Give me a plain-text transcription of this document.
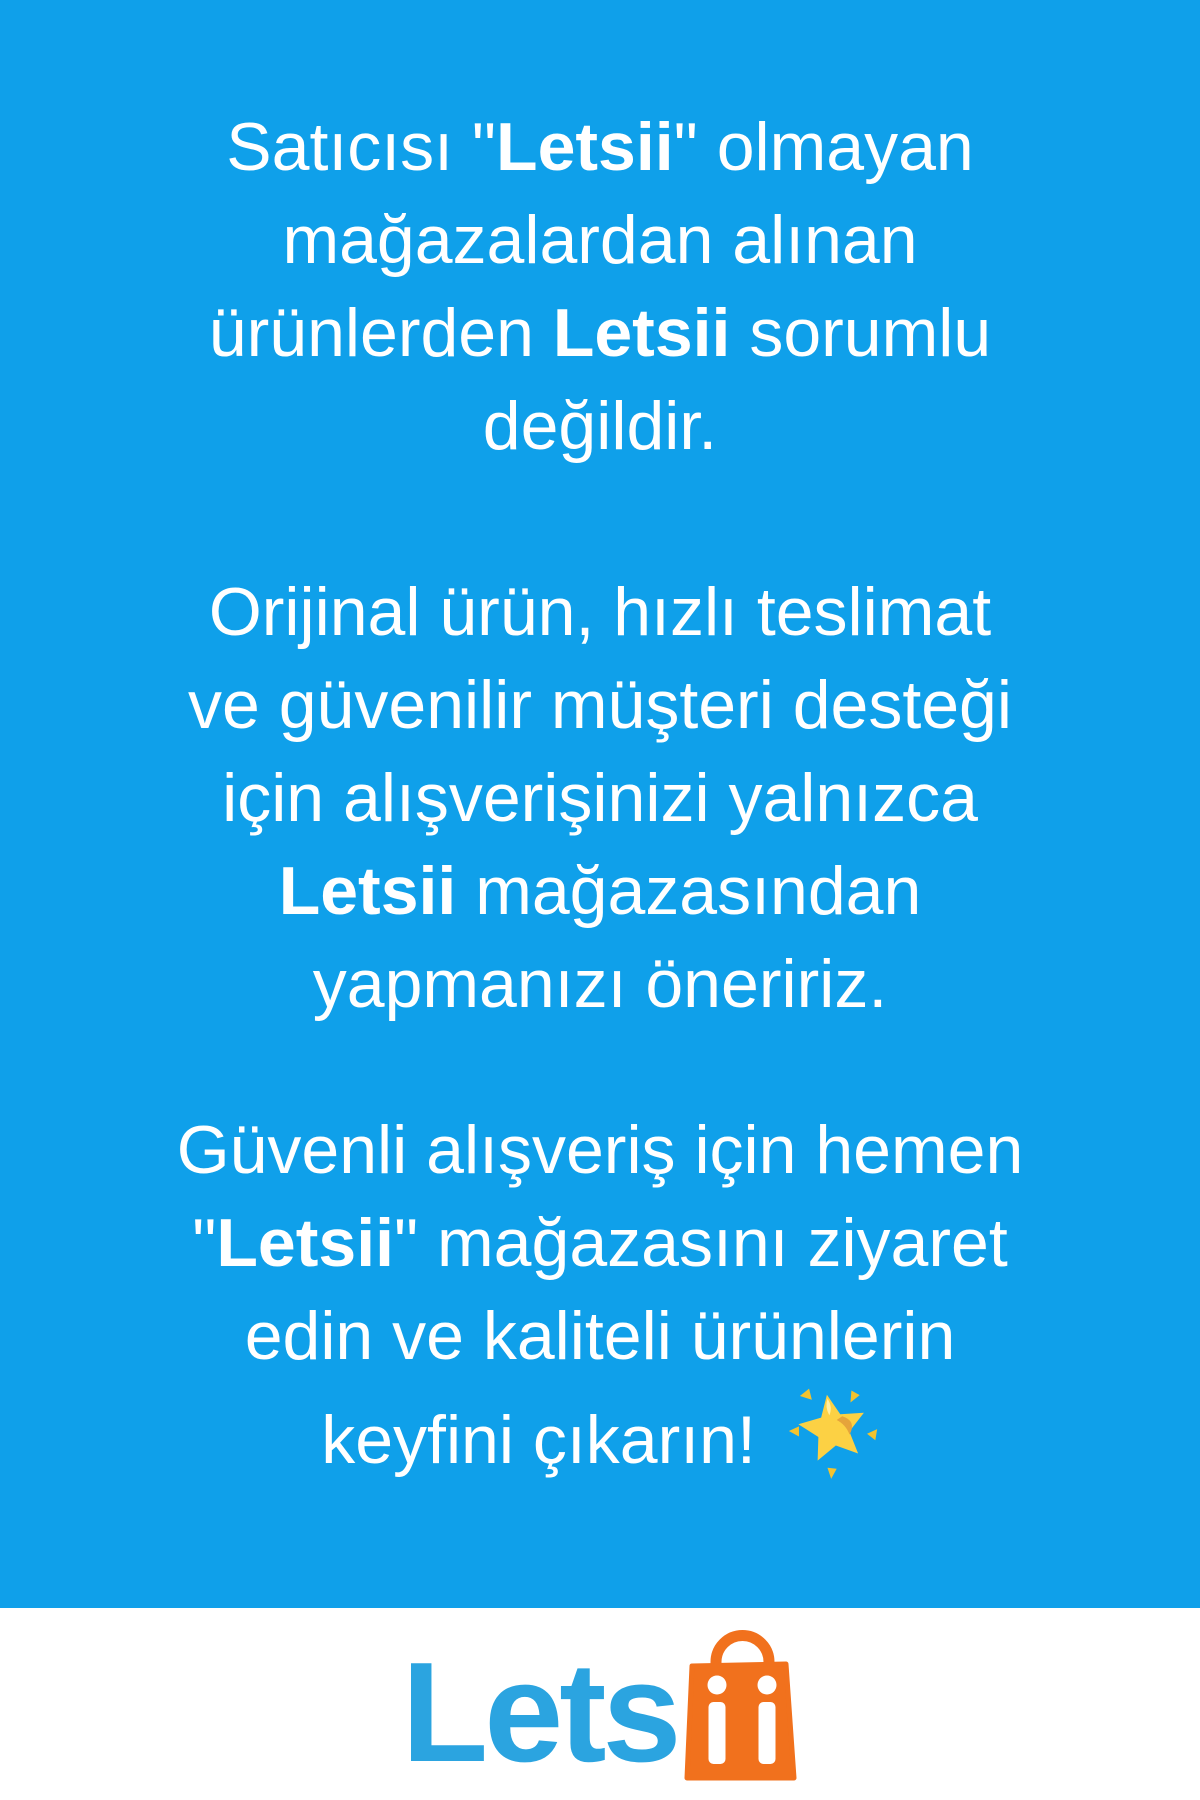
Satıcısı "Letsii" olmayan
mağazalardan alınan
ürünlerden Letsii sorumlu
değildir.
Orijinal ürün, hızlı teslimat
ve güvenilir müşteri desteği
için alışverişinizi yalnızca
Letsii mağazasından
yapmanızı öneririz.
Güvenli alışveriş için hemen
"Letsii" mağazasını ziyaret
edin ve kaliteli ürünlerin
keyfini çıkarın!
Lets
